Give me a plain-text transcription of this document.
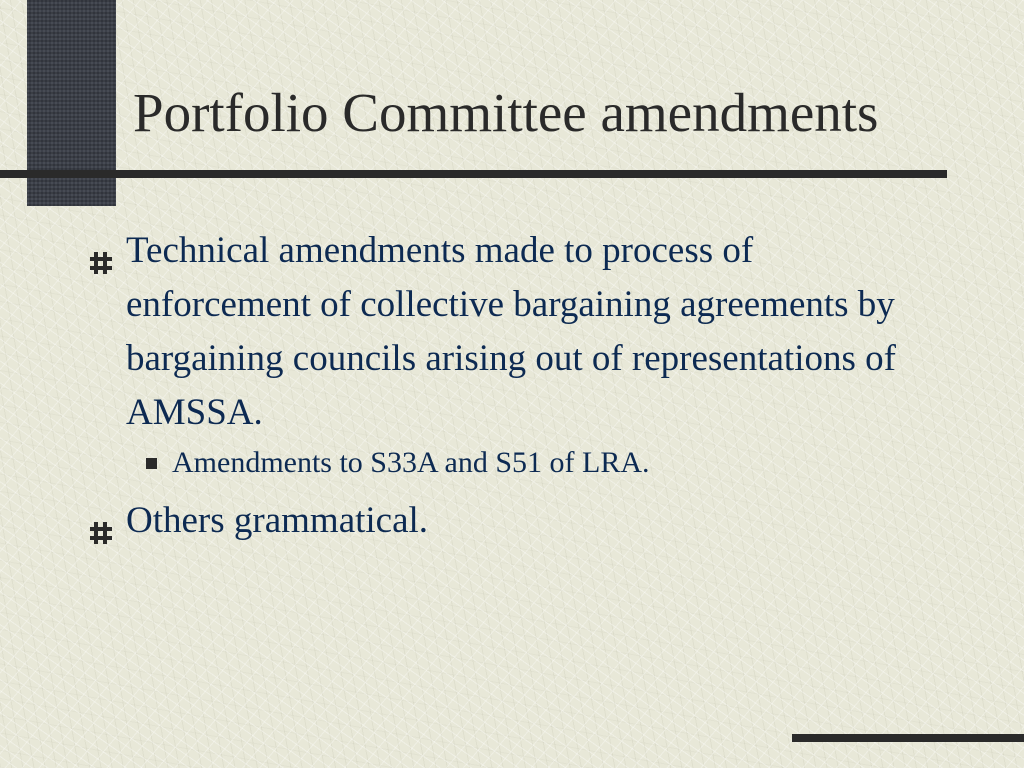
Portfolio Committee amendments
Technical amendments made to process of enforcement of collective bargaining agreements by bargaining councils arising out of representations of AMSSA.
Amendments to S33A and S51 of LRA.
Others grammatical.
